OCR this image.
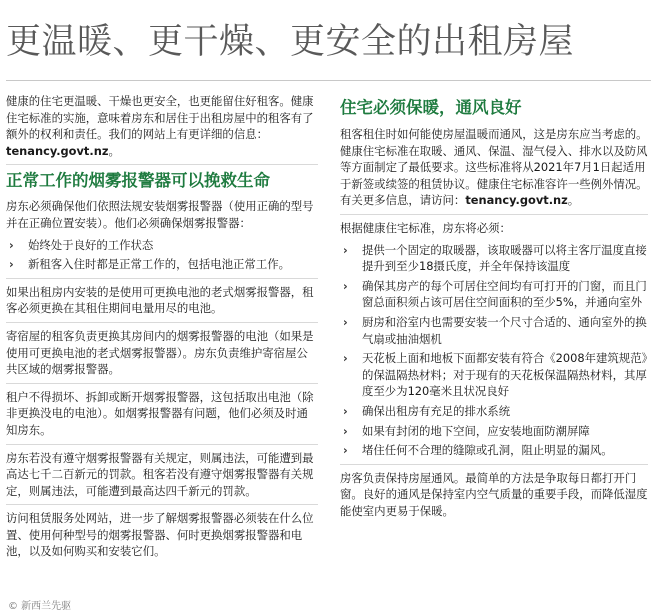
更温暖、更干燥、更安全的出租房屋

健康的住宅更温暖、干燥也更安全，也更能留住好租客。健康住宅标准的实施，意味着房东和居住于出租房屋中的租客有了额外的权利和责任。我们的网站上有更详细的信息：tenancy.govt.nz。

正常工作的烟雾报警器可以挽救生命

房东必须确保他们依照法规安装烟雾报警器（使用正确的型号并在正确位置安装）。他们必须确保烟雾报警器：

› 始终处于良好的工作状态
› 新租客入住时都是正常工作的，包括电池正常工作。

如果出租房内安装的是使用可更换电池的老式烟雾报警器，租客必须更换在其租住期间电量用尽的电池。

寄宿屋的租客负责更换其房间内的烟雾报警器的电池（如果是使用可更换电池的老式烟雾报警器）。房东负责维护寄宿屋公共区域的烟雾报警器。

租户不得损坏、拆卸或断开烟雾报警器，这包括取出电池（除非更换没电的电池）。如烟雾报警器有问题，他们必须及时通知房东。

房东若没有遵守烟雾报警器有关规定，则属违法，可能遭到最高达七千二百新元的罚款。租客若没有遵守烟雾报警器有关规定，则属违法，可能遭到最高达四千新元的罚款。

访问租赁服务处网站，进一步了解烟雾报警器必须装在什么位置、使用何种型号的烟雾报警器、何时更换烟雾报警器和电池，以及如何购买和安装它们。

住宅必须保暖，通风良好

租客租住时如何能使房屋温暖而通风，这是房东应当考虑的。健康住宅标准在取暖、通风、保温、湿气侵入、排水以及防风等方面制定了最低要求。这些标准将从2021年7月1日起适用于新签或续签的租赁协议。健康住宅标准容许一些例外情况。有关更多信息，请访问：tenancy.govt.nz。

根据健康住宅标准，房东将必须：

› 提供一个固定的取暖器，该取暖器可以将主客厅温度直接提升到至少18摄氏度，并全年保持该温度
› 确保其房产的每个可居住空间均有可打开的门窗，而且门窗总面积须占该可居住空间面积的至少5%，并通向室外
› 厨房和浴室内也需要安装一个尺寸合适的、通向室外的换气扇或抽油烟机
› 天花板上面和地板下面都安装有符合《2008年建筑规范》的保温隔热材料；对于现有的天花板保温隔热材料，其厚度至少为120毫米且状况良好
› 确保出租房有充足的排水系统
› 如果有封闭的地下空间，应安装地面防潮屏障
› 堵住任何不合理的缝隙或孔洞，阻止明显的漏风。

房客负责保持房屋通风。最简单的方法是争取每日都打开门窗。良好的通风是保持室内空气质量的重要手段，而降低湿度能使室内更易于保暖。

© 新西兰先驱
